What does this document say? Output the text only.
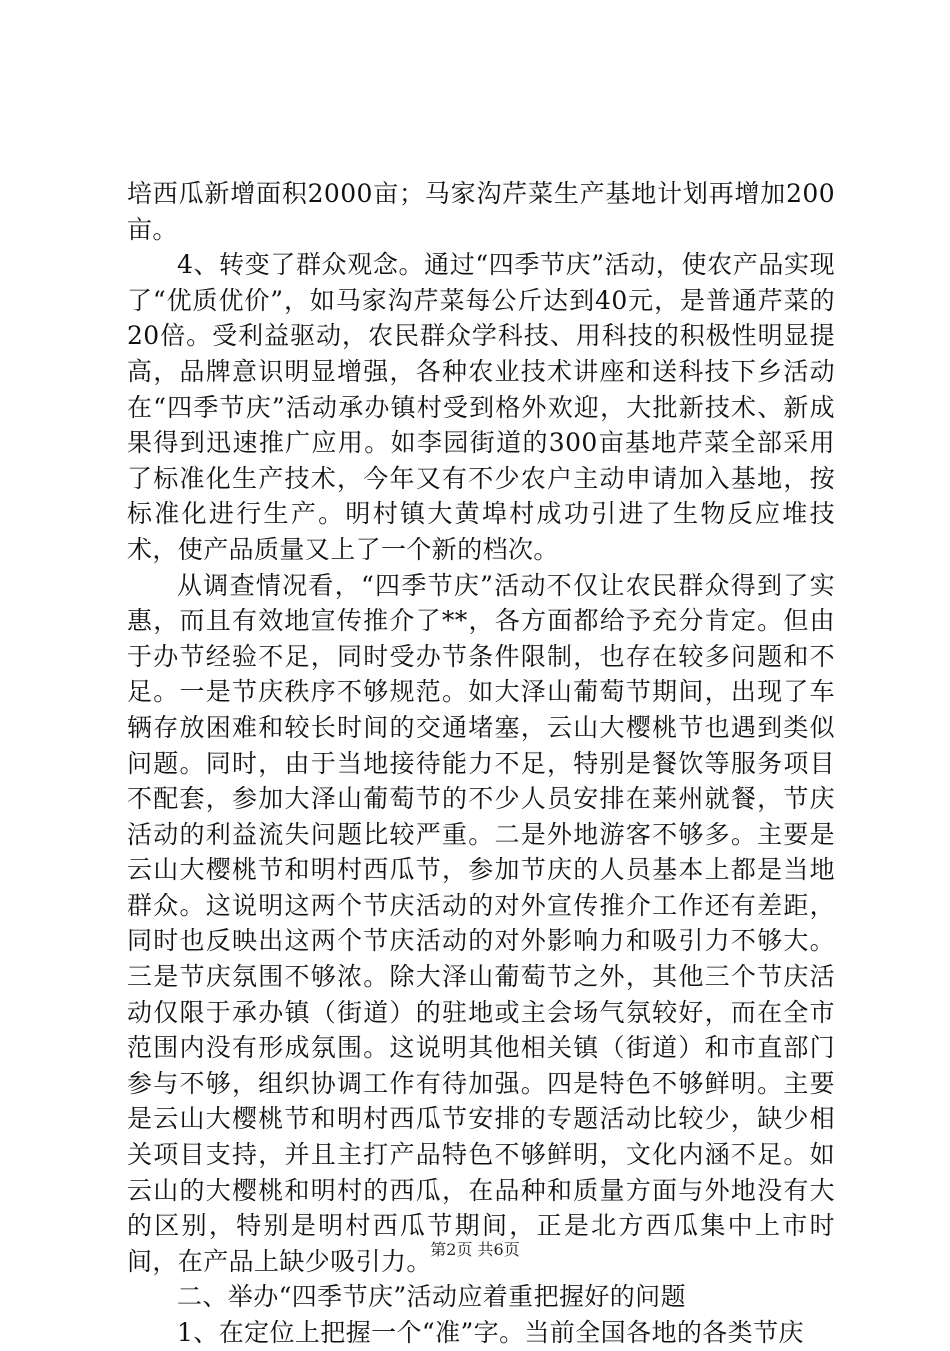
培西瓜新增面积2000亩；马家沟芹菜生产基地计划再增加200亩。

4、转变了群众观念。通过“四季节庆”活动，使农产品实现了“优质优价”，如马家沟芹菜每公斤达到40元，是普通芹菜的20倍。受利益驱动，农民群众学科技、用科技的积极性明显提高，品牌意识明显增强，各种农业技术讲座和送科技下乡活动在“四季节庆”活动承办镇村受到格外欢迎，大批新技术、新成果得到迅速推广应用。如李园街道的300亩基地芹菜全部采用了标准化生产技术，今年又有不少农户主动申请加入基地，按标准化进行生产。明村镇大黄埠村成功引进了生物反应堆技术，使产品质量又上了一个新的档次。

从调查情况看，“四季节庆”活动不仅让农民群众得到了实惠，而且有效地宣传推介了**，各方面都给予充分肯定。但由于办节经验不足，同时受办节条件限制，也存在较多问题和不足。一是节庆秩序不够规范。如大泽山葡萄节期间，出现了车辆存放困难和较长时间的交通堵塞，云山大樱桃节也遇到类似问题。同时，由于当地接待能力不足，特别是餐饮等服务项目不配套，参加大泽山葡萄节的不少人员安排在莱州就餐，节庆活动的利益流失问题比较严重。二是外地游客不够多。主要是云山大樱桃节和明村西瓜节，参加节庆的人员基本上都是当地群众。这说明这两个节庆活动的对外宣传推介工作还有差距，同时也反映出这两个节庆活动的对外影响力和吸引力不够大。三是节庆氛围不够浓。除大泽山葡萄节之外，其他三个节庆活动仅限于承办镇（街道）的驻地或主会场气氛较好，而在全市范围内没有形成氛围。这说明其他相关镇（街道）和市直部门参与不够，组织协调工作有待加强。四是特色不够鲜明。主要是云山大樱桃节和明村西瓜节安排的专题活动比较少，缺少相关项目支持，并且主打产品特色不够鲜明，文化内涵不足。如云山的大樱桃和明村的西瓜，在品种和质量方面与外地没有大的区别，特别是明村西瓜节期间，正是北方西瓜集中上市时间，在产品上缺少吸引力。

二、举办“四季节庆”活动应着重把握好的问题

1、在定位上把握一个“准”字。当前全国各地的各类节庆

第2页 共6页
